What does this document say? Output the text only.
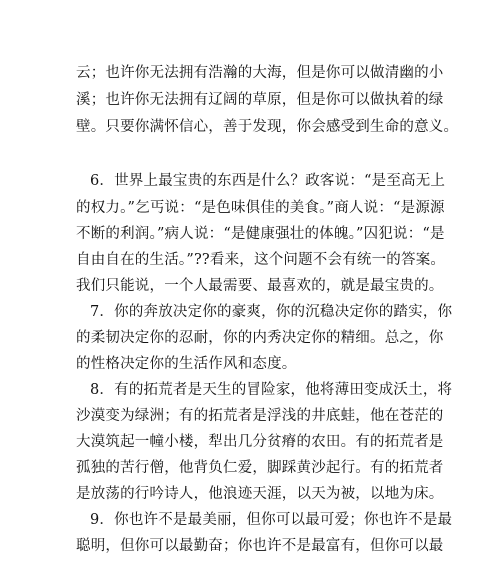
云；也许你无法拥有浩瀚的大海，但是你可以做清幽的小
溪；也许你无法拥有辽阔的草原，但是你可以做执着的绿
壁。只要你满怀信心，善于发现，你会感受到生命的意义。
6．世界上最宝贵的东西是什么？政客说：“是至高无上
的权力。”乞丐说：“是色味俱佳的美食。”商人说：“是源源
不断的利润。”病人说：“是健康强壮的体魄。”囚犯说：“是
自由自在的生活。”??看来，这个问题不会有统一的答案。
我们只能说，一个人最需要、最喜欢的，就是最宝贵的。
7．你的奔放决定你的豪爽，你的沉稳决定你的踏实，你
的柔韧决定你的忍耐，你的内秀决定你的精细。总之，你
的性格决定你的生活作风和态度。
8．有的拓荒者是天生的冒险家，他将薄田变成沃土，将
沙漠变为绿洲；有的拓荒者是浮浅的井底蛙，他在苍茫的
大漠筑起一幢小楼，犁出几分贫瘠的农田。有的拓荒者是
孤独的苦行僧，他背负仁爱，脚踩黄沙起行。有的拓荒者
是放荡的行吟诗人，他浪迹天涯，以天为被，以地为床。
9．你也许不是最美丽，但你可以最可爱；你也许不是最
聪明，但你可以最勤奋；你也许不是最富有，但你可以最
